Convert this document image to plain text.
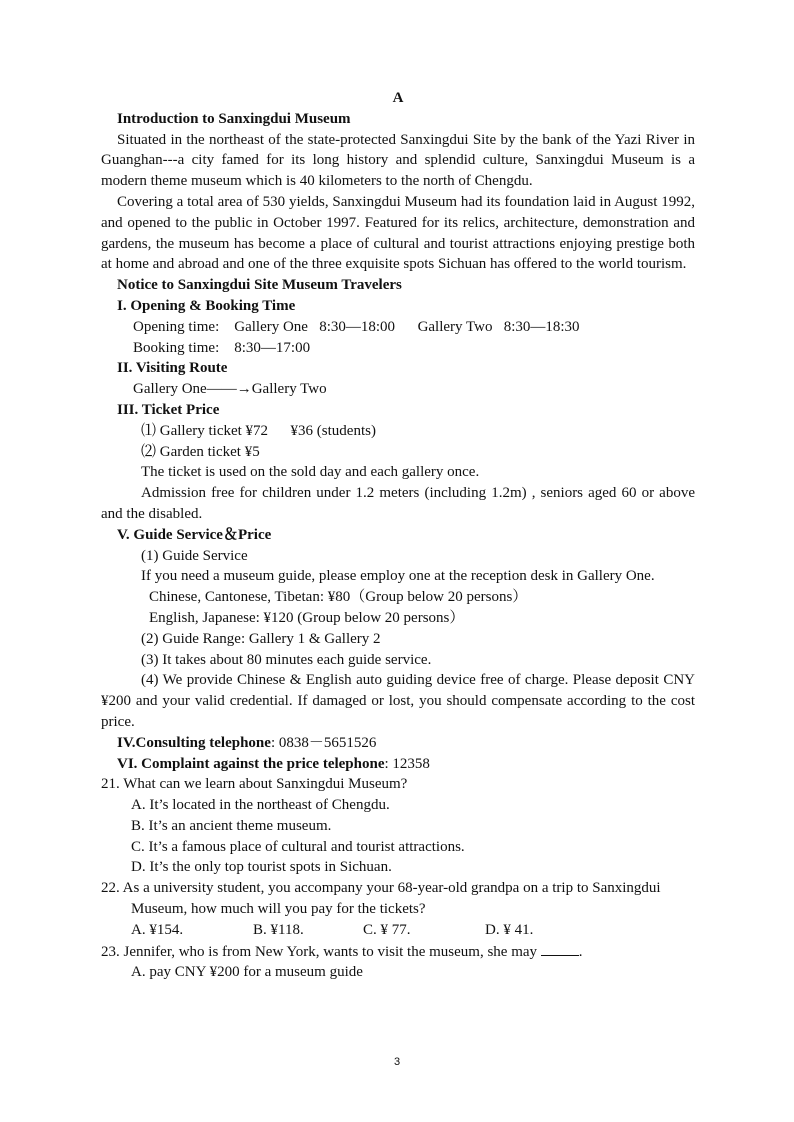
A
Introduction to Sanxingdui Museum
Situated in the northeast of the state-protected Sanxingdui Site by the bank of the Yazi River in Guanghan---a city famed for its long history and splendid culture, Sanxingdui Museum is a modern theme museum which is 40 kilometers to the north of Chengdu.
Covering a total area of 530 yields, Sanxingdui Museum had its foundation laid in August 1992, and opened to the public in October 1997. Featured for its relics, architecture, demonstration and gardens, the museum has become a place of cultural and tourist attractions enjoying prestige both at home and abroad and one of the three exquisite spots Sichuan has offered to the world tourism.
Notice to Sanxingdui Site Museum Travelers
I. Opening & Booking Time
Opening time: Gallery One 8:30—18:00 Gallery Two 8:30—18:30
Booking time: 8:30—17:00
II. Visiting Route
Gallery One——→Gallery Two
III. Ticket Price
⑴ Gallery ticket ¥72 ¥36 (students)
⑵ Garden ticket ¥5
The ticket is used on the sold day and each gallery once.
Admission free for children under 1.2 meters (including 1.2m) , seniors aged 60 or above and the disabled.
V. Guide Service＆Price
(1) Guide Service
If you need a museum guide, please employ one at the reception desk in Gallery One.
Chinese, Cantonese, Tibetan: ¥80（Group below 20 persons）
English, Japanese: ¥120 (Group below 20 persons）
(2) Guide Range: Gallery 1 & Gallery 2
(3) It takes about 80 minutes each guide service.
(4) We provide Chinese & English auto guiding device free of charge. Please deposit CNY ¥200 and your valid credential. If damaged or lost, you should compensate according to the cost price.
IV.Consulting telephone: 0838－5651526
VI. Complaint against the price telephone: 12358
21. What can we learn about Sanxingdui Museum?
A. It’s located in the northeast of Chengdu.
B. It’s an ancient theme museum.
C. It’s a famous place of cultural and tourist attractions.
D. It’s the only top tourist spots in Sichuan.
22. As a university student, you accompany your 68-year-old grandpa on a trip to Sanxingdui Museum, how much will you pay for the tickets?
A. ¥154.	B. ¥118.	C. ¥ 77.	D. ¥ 41.
23. Jennifer, who is from New York, wants to visit the museum, she may	.
A. pay CNY ¥200 for a museum guide
3
